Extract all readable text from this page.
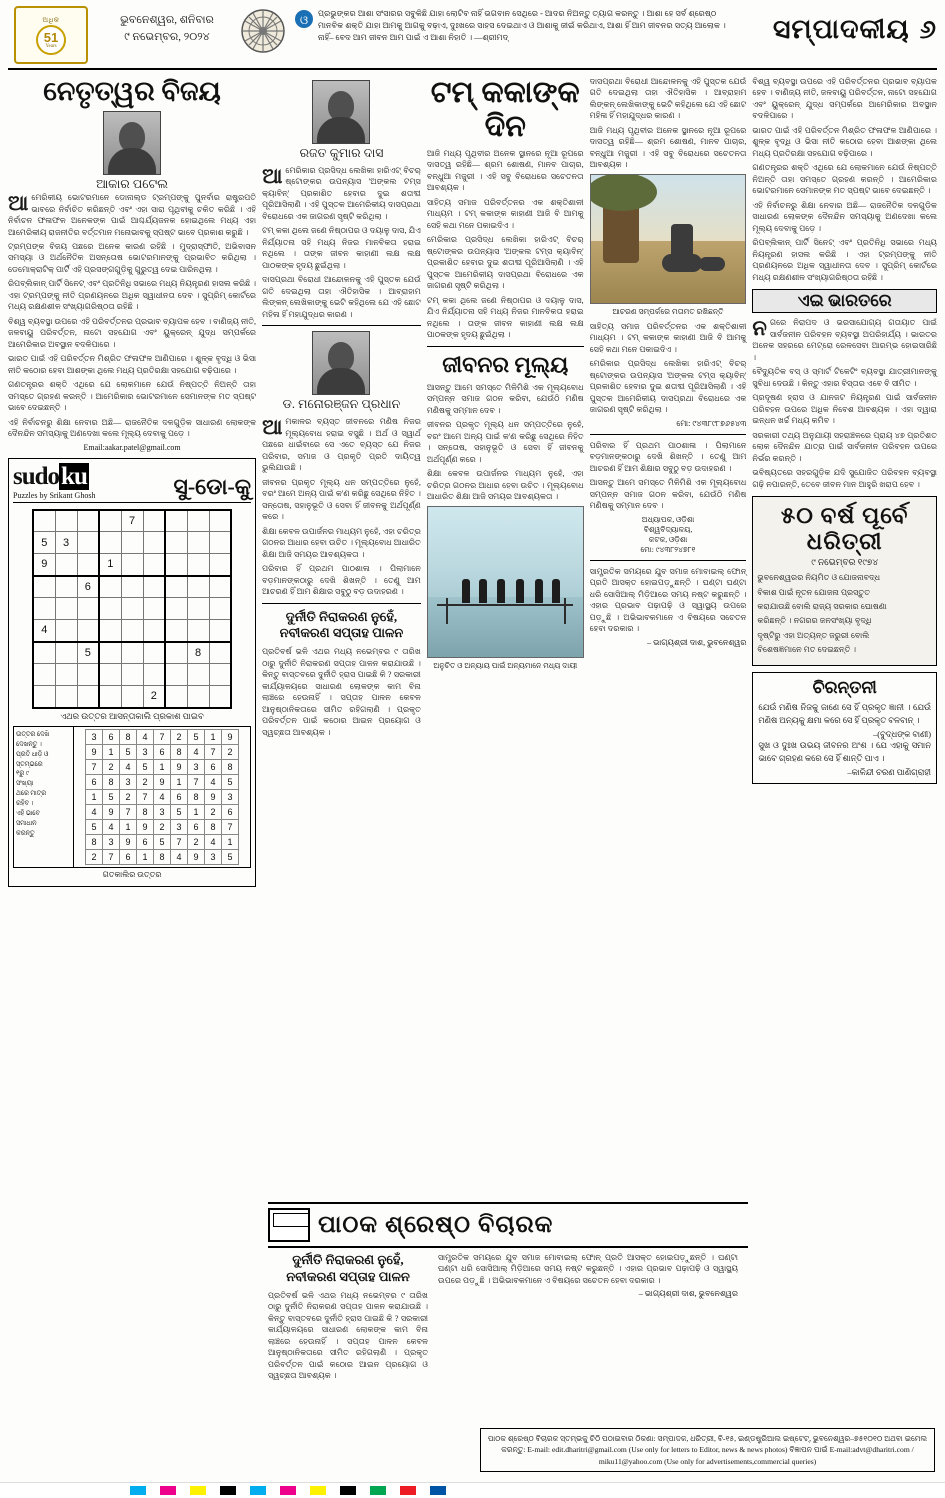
ଅଧିକ
51
Years
ଭୁବନେଶ୍ୱର, ଶନିବାର
୯ ନଭେମ୍ବର, ୨୦୨୪
ଓ ପ୍ରଭୁଙ୍କର ଆଶା ସଂସାରର ସବୁକିଛି ଯାହା ଲୋଟିବ ନାହିଁ ଭଗବାନ ସେଥିରେ - ଆଦର ନିଅନ୍ତୁ ତ୍ୟାଗ କରନ୍ତୁ । ଆଶା ହେ ସର୍ବ ଶ୍ରେଷ୍ଠ ମାନବିକ ଶକ୍ତି ଯାହା ଆମକୁ ଆଗକୁ ବଢ଼ାଏ, ଦୁଃଖରେ ସାହସ ଦେଇଥାଏ ଓ ଆଶାକୁ ଜୀଇଁ କରିଥାଏ, ଆଶା ହିଁ ଆମ ଜୀବନର ସତ୍ୟ ଆଲୋକ । ନାହିଁ– ବେଦ ଆମ ଜୀବନ ଆମ ପାଇଁ ଏ ଆଶା ନିହାତି । —ଶ୍ରୀମଦ୍	ସମ୍ପାଦକୀୟ ୬
ନେତୃତ୍ୱର ବିଜୟ
ଆକାର ପଟେଲ

ଆମେରିକୀୟ ଭୋଟରମାନେ ଡୋନାଲ୍ଡ ଟ୍ରମ୍ପଙ୍କୁ ପୁନର୍ବାର ରାଷ୍ଟ୍ରପତି ଭାବରେ ନିର୍ବାଚିତ କରିଛନ୍ତି ଏବଂ ଏହା ସାରା ପୃଥିବୀକୁ ଚକିତ କରିଛି । ଏହି ନିର୍ବାଚନ ଫଳାଫଳ ଅନେକଙ୍କ ପାଇଁ ଆଶ୍ଚର୍ଯ୍ୟଜନକ ହୋଇଥିଲେ ମଧ୍ୟ ଏହା ଆମେରିକୀୟ ରାଜନୀତିର ବର୍ତ୍ତମାନ ମନୋଭାବକୁ ସ୍ପଷ୍ଟ ଭାବେ ପ୍ରକାଶ କରୁଛି ।

ଟ୍ରମ୍ପଙ୍କ ବିଜୟ ପଛରେ ଅନେକ କାରଣ ରହିଛି । ମୁଦ୍ରାସ୍ଫୀତି, ଅଭିବାସନ ସମସ୍ୟା ଓ ଅର୍ଥନୈତିକ ଅସନ୍ତୋଷ ଭୋଟରମାନଙ୍କୁ ପ୍ରଭାବିତ କରିଥିଲା । ଡେମୋକ୍ରାଟିକ୍ ପାର୍ଟି ଏହି ପ୍ରସଙ୍ଗଗୁଡ଼ିକୁ ଗୁରୁତ୍ୱ ଦେଇ ପାରିନଥିଲା ।

ରିପବ୍ଲିକାନ୍ ପାର୍ଟି ସିନେଟ୍ ଏବଂ ପ୍ରତିନିଧି ସଭାରେ ମଧ୍ୟ ନିୟନ୍ତ୍ରଣ ହାସଲ କରିଛି । ଏହା ଟ୍ରମ୍ପଙ୍କୁ ନୀତି ପ୍ରଣୟନରେ ଅଧିକ ସ୍ୱାଧୀନତା ଦେବ । ସୁପ୍ରିମ୍ କୋର୍ଟରେ ମଧ୍ୟ ରକ୍ଷଣଶୀଳ ସଂଖ୍ୟାଗରିଷ୍ଠତା ରହିଛି ।

ବିଶ୍ୱ ବ୍ୟବସ୍ଥା ଉପରେ ଏହି ପରିବର୍ତ୍ତନର ପ୍ରଭାବ ବ୍ୟାପକ ହେବ । ବାଣିଜ୍ୟ ନୀତି, ଜଳବାୟୁ ପରିବର୍ତ୍ତନ, ନାଟୋ ସହଯୋଗ ଏବଂ ୟୁକ୍ରେନ୍ ଯୁଦ୍ଧ ସମ୍ପର୍କରେ ଆମେରିକାର ଅବସ୍ଥାନ ବଦଳିପାରେ ।

ଭାରତ ପାଇଁ ଏହି ପରିବର୍ତ୍ତନ ମିଶ୍ରିତ ଫଳାଫଳ ଆଣିପାରେ । ଶୁଳ୍କ ବୃଦ୍ଧି ଓ ଭିସା ନୀତି କଠୋର ହେବା ଆଶଙ୍କା ଥିଲେ ମଧ୍ୟ ପ୍ରତିରକ୍ଷା ସହଯୋଗ ବଢ଼ିପାରେ ।

ଗଣତନ୍ତ୍ରର ଶକ୍ତି ଏଥିରେ ଯେ ଲୋକମାନେ ଯେଉଁ ନିଷ୍ପତ୍ତି ନିଅନ୍ତି ତାହା ସମସ୍ତେ ଗ୍ରହଣ କରନ୍ତି । ଆମେରିକାର ଭୋଟରମାନେ ସେମାନଙ୍କ ମତ ସ୍ପଷ୍ଟ ଭାବେ ଦେଇଛନ୍ତି ।

ଏହି ନିର୍ବାଚନରୁ ଶିକ୍ଷା ନେବାର ଅଛି— ରାଜନୈତିକ ଦଳଗୁଡ଼ିକ ସାଧାରଣ ଲୋକଙ୍କ ଦୈନନ୍ଦିନ ସମସ୍ୟାକୁ ଅଣଦେଖା କଲେ ମୂଲ୍ୟ ଦେବାକୁ ପଡ଼େ ।

Email:aakar.patel@gmail.com
sudoku
Puzzles by Srikant Ghosh	ସୁ-ଡୋ-କୁ
				7				
5	3							
9			1					
		6						

4								
		5					8	

					2			
ଏଥର ଉତ୍ତର ଆସନ୍ତାକାଲି ପ୍ରକାଶ ପାଇବ
ଉତ୍ତର ଦେଖି
ଦେଖନ୍ତୁ ।
ପ୍ରତି ଧାଡ଼ି ଓ
ସ୍ତମ୍ଭରେ
୧ରୁ ୯
ସଂଖ୍ୟା
ଥରେ ମାତ୍ର
ରହିବ ।
ଏହି ଭାବେ
ସମାଧାନ
କରନ୍ତୁ
3	6	8	4	7	2	5	1	9
9	1	5	3	6	8	4	7	2
7	2	4	5	1	9	3	6	8
6	8	3	2	9	1	7	4	5
1	5	2	7	4	6	8	9	3
4	9	7	8	3	5	1	2	6
5	4	1	9	2	3	6	8	7
8	3	9	6	5	7	2	4	1
2	7	6	1	8	4	9	3	5
ଗତକାଲିର ଉତ୍ତର
ରଜତ କୁମାର ଦାସ

ଆମେରିକାର ପ୍ରସିଦ୍ଧ ଲେଖିକା ହାରିଏଟ୍ ବିଚର୍ ଷ୍ଟୋଙ୍କର ଉପନ୍ୟାସ 'ଅଙ୍କଲ ଟମ୍ସ କ୍ୟାବିନ୍' ପ୍ରକାଶିତ ହେବାର ଦୁଇ ଶତାବ୍ଦୀ ପୂରିଆସିଲାଣି । ଏହି ପୁସ୍ତକ ଆମେରିକୀୟ ଦାସପ୍ରଥା ବିରୋଧରେ ଏକ ଜାଗରଣ ସୃଷ୍ଟି କରିଥିଲା ।

ଟମ୍ କକା ଥିଲେ ଜଣେ ନିଷ୍ଠାପର ଓ ଦୟାଳୁ ଦାସ, ଯିଏ ନିର୍ଯ୍ୟାତନା ସହି ମଧ୍ୟ ନିଜର ମାନବିକତା ହରାଇ ନଥିଲେ । ତାଙ୍କ ଜୀବନ କାହାଣୀ ଲକ୍ଷ ଲକ୍ଷ ପାଠକଙ୍କ ହୃଦୟ ଛୁଇଁଥିଲା ।

ଦାସପ୍ରଥା ବିରୋଧୀ ଆନ୍ଦୋଳନକୁ ଏହି ପୁସ୍ତକ ଯେଉଁ ଗତି ଦେଇଥିଲା ତାହା ଐତିହାସିକ । ଆବ୍ରାହାମ ଲିଙ୍କନ୍ ଲେଖିକାଙ୍କୁ ଭେଟି କହିଥିଲେ ଯେ ଏହି ଛୋଟ ମହିଳା ହିଁ ମହାଯୁଦ୍ଧର କାରଣ ।

ଡ. ମନୋରଞ୍ଜନ ପ୍ରଧାନ

ଆମକାଳର ବ୍ୟସ୍ତ ଜୀବନରେ ମଣିଷ ନିଜର ମୂଲ୍ୟବୋଧ ହରାଇ ବସୁଛି । ଅର୍ଥ ଓ ସ୍ୱାର୍ଥ ପଛରେ ଧାଇଁବାରେ ସେ ଏତେ ବ୍ୟସ୍ତ ଯେ ନିଜର ପରିବାର, ସମାଜ ଓ ପ୍ରକୃତି ପ୍ରତି ଦାୟିତ୍ୱ ଭୁଲିଯାଉଛି ।

ଜୀବନର ପ୍ରକୃତ ମୂଲ୍ୟ ଧନ ସମ୍ପତ୍ତିରେ ନୁହେଁ, ବରଂ ଆମେ ଅନ୍ୟ ପାଇଁ କ'ଣ କରିଛୁ ସେଥିରେ ନିହିତ । ସନ୍ତୋଷ, ସହାନୁଭୂତି ଓ ସେବା ହିଁ ଜୀବନକୁ ଅର୍ଥପୂର୍ଣ୍ଣ କରେ ।

ଶିକ୍ଷା କେବଳ ଉପାର୍ଜନର ମାଧ୍ୟମ ନୁହେଁ, ଏହା ଚରିତ୍ର ଗଠନର ଆଧାର ହେବା ଉଚିତ । ମୂଲ୍ୟବୋଧ ଆଧାରିତ ଶିକ୍ଷା ଆଜି ସମୟର ଆବଶ୍ୟକତା ।

ପରିବାର ହିଁ ପ୍ରଥମ ପାଠଶାଳା । ପିଲାମାନେ ବଡ଼ମାନଙ୍କଠାରୁ ଦେଖି ଶିଖନ୍ତି । ତେଣୁ ଆମ ଆଚରଣ ହିଁ ଆମ ଶିକ୍ଷାର ସବୁଠୁ ବଡ଼ ଉଦାହରଣ ।

ଦୁର୍ନୀତି ନିରାକରଣ ନୁହେଁ, ନବୀକରଣ ସପ୍ତାହ ପାଳନ

ପ୍ରତିବର୍ଷ ଭଳି ଏଥର ମଧ୍ୟ ନଭେମ୍ବର ୯ ତାରିଖ ଠାରୁ ଦୁର୍ନୀତି ନିରାକରଣ ସପ୍ତାହ ପାଳନ କରାଯାଉଛି । କିନ୍ତୁ ବାସ୍ତବରେ ଦୁର୍ନୀତି ହ୍ରାସ ପାଇଛି କି ? ସରକାରୀ କାର୍ଯ୍ୟାଳୟରେ ସାଧାରଣ ଲୋକଙ୍କ କାମ ବିନା ଲାଞ୍ଚରେ ହେଉନାହିଁ । ସପ୍ତାହ ପାଳନ କେବଳ ଆନୁଷ୍ଠାନିକତାରେ ସୀମିତ ରହିଗଲାଣି । ପ୍ରକୃତ ପରିବର୍ତ୍ତନ ପାଇଁ କଠୋର ଆଇନ ପ୍ରୟୋଗ ଓ ସ୍ୱଚ୍ଛତା ଆବଶ୍ୟକ ।

ଟମ୍ କକାଙ୍କ ଦିନ

ଆଜି ମଧ୍ୟ ପୃଥିବୀର ଅନେକ ସ୍ଥାନରେ ନୂଆ ରୂପରେ ଦାସତ୍ୱ ରହିଛି— ଶ୍ରମ ଶୋଷଣ, ମାନବ ପାଚାର, ବନ୍ଧୁଆ ମଜୁରୀ । ଏହି ସବୁ ବିରୋଧରେ ସଚେତନତା ଆବଶ୍ୟକ ।

ସାହିତ୍ୟ ସମାଜ ପରିବର୍ତ୍ତନର ଏକ ଶକ୍ତିଶାଳୀ ମାଧ୍ୟମ । ଟମ୍ କକାଙ୍କ କାହାଣୀ ଆଜି ବି ଆମକୁ ସେହି କଥା ମନେ ପକାଇଦିଏ ।

ମେରିକାର ପ୍ରସିଦ୍ଧ ଲେଖିକା ହାରିଏଟ୍ ବିଚର୍ ଷ୍ଟୋଙ୍କର ଉପନ୍ୟାସ 'ଅଙ୍କଲ ଟମ୍ସ କ୍ୟାବିନ୍' ପ୍ରକାଶିତ ହେବାର ଦୁଇ ଶତାବ୍ଦୀ ପୂରିଆସିଲାଣି । ଏହି ପୁସ୍ତକ ଆମେରିକୀୟ ଦାସପ୍ରଥା ବିରୋଧରେ ଏକ ଜାଗରଣ ସୃଷ୍ଟି କରିଥିଲା ।

ଟମ୍ କକା ଥିଲେ ଜଣେ ନିଷ୍ଠାପର ଓ ଦୟାଳୁ ଦାସ, ଯିଏ ନିର୍ଯ୍ୟାତନା ସହି ମଧ୍ୟ ନିଜର ମାନବିକତା ହରାଇ ନଥିଲେ । ତାଙ୍କ ଜୀବନ କାହାଣୀ ଲକ୍ଷ ଲକ୍ଷ ପାଠକଙ୍କ ହୃଦୟ ଛୁଇଁଥିଲା ।

ଜୀବନର ମୂଲ୍ୟ

ଆସନ୍ତୁ ଆମେ ସମସ୍ତେ ମିଳିମିଶି ଏକ ମୂଲ୍ୟବୋଧ ସମ୍ପନ୍ନ ସମାଜ ଗଠନ କରିବା, ଯେଉଁଠି ମଣିଷ ମଣିଷକୁ ସମ୍ମାନ ଦେବ ।

ଜୀବନର ପ୍ରକୃତ ମୂଲ୍ୟ ଧନ ସମ୍ପତ୍ତିରେ ନୁହେଁ, ବରଂ ଆମେ ଅନ୍ୟ ପାଇଁ କ'ଣ କରିଛୁ ସେଥିରେ ନିହିତ । ସନ୍ତୋଷ, ସହାନୁଭୂତି ଓ ସେବା ହିଁ ଜୀବନକୁ ଅର୍ଥପୂର୍ଣ୍ଣ କରେ ।

ଶିକ୍ଷା କେବଳ ଉପାର୍ଜନର ମାଧ୍ୟମ ନୁହେଁ, ଏହା ଚରିତ୍ର ଗଠନର ଆଧାର ହେବା ଉଚିତ । ମୂଲ୍ୟବୋଧ ଆଧାରିତ ଶିକ୍ଷା ଆଜି ସମୟର ଆବଶ୍ୟକତା ।

ଅନୁଚିତ ଓ ଅନ୍ୟାୟ ପାଇଁ ଅନ୍ୟମାନେ ମଧ୍ୟ ଦାୟୀ

ଦାସପ୍ରଥା ବିରୋଧୀ ଆନ୍ଦୋଳନକୁ ଏହି ପୁସ୍ତକ ଯେଉଁ ଗତି ଦେଇଥିଲା ତାହା ଐତିହାସିକ । ଆବ୍ରାହାମ ଲିଙ୍କନ୍ ଲେଖିକାଙ୍କୁ ଭେଟି କହିଥିଲେ ଯେ ଏହି ଛୋଟ ମହିଳା ହିଁ ମହାଯୁଦ୍ଧର କାରଣ ।

ଆଜି ମଧ୍ୟ ପୃଥିବୀର ଅନେକ ସ୍ଥାନରେ ନୂଆ ରୂପରେ ଦାସତ୍ୱ ରହିଛି— ଶ୍ରମ ଶୋଷଣ, ମାନବ ପାଚାର, ବନ୍ଧୁଆ ମଜୁରୀ । ଏହି ସବୁ ବିରୋଧରେ ସଚେତନତା ଆବଶ୍ୟକ ।

ଆଚରଣ ସମ୍ପର୍କରେ ମତାମତ ରଖିଛନ୍ତି

ସାହିତ୍ୟ ସମାଜ ପରିବର୍ତ୍ତନର ଏକ ଶକ୍ତିଶାଳୀ ମାଧ୍ୟମ । ଟମ୍ କକାଙ୍କ କାହାଣୀ ଆଜି ବି ଆମକୁ ସେହି କଥା ମନେ ପକାଇଦିଏ ।

ମେରିକାର ପ୍ରସିଦ୍ଧ ଲେଖିକା ହାରିଏଟ୍ ବିଚର୍ ଷ୍ଟୋଙ୍କର ଉପନ୍ୟାସ 'ଅଙ୍କଲ ଟମ୍ସ କ୍ୟାବିନ୍' ପ୍ରକାଶିତ ହେବାର ଦୁଇ ଶତାବ୍ଦୀ ପୂରିଆସିଲାଣି । ଏହି ପୁସ୍ତକ ଆମେରିକୀୟ ଦାସପ୍ରଥା ବିରୋଧରେ ଏକ ଜାଗରଣ ସୃଷ୍ଟି କରିଥିଲା ।

ମୋ: ୯୪୩୮୯୮୭୬୫୪୩

ପରିବାର ହିଁ ପ୍ରଥମ ପାଠଶାଳା । ପିଲାମାନେ ବଡ଼ମାନଙ୍କଠାରୁ ଦେଖି ଶିଖନ୍ତି । ତେଣୁ ଆମ ଆଚରଣ ହିଁ ଆମ ଶିକ୍ଷାର ସବୁଠୁ ବଡ଼ ଉଦାହରଣ ।

ଆସନ୍ତୁ ଆମେ ସମସ୍ତେ ମିଳିମିଶି ଏକ ମୂଲ୍ୟବୋଧ ସମ୍ପନ୍ନ ସମାଜ ଗଠନ କରିବା, ଯେଉଁଠି ମଣିଷ ମଣିଷକୁ ସମ୍ମାନ ଦେବ ।

ଅଧ୍ୟାପକ, ଓଡ଼ିଶା
ବିଶ୍ୱବିଦ୍ୟାଳୟ,
କଟକ, ଓଡ଼ିଶା
ମୋ: ୯୪୩୮୨୪୭୮୧

ସାମ୍ପ୍ରତିକ ସମୟରେ ଯୁବ ସମାଜ ମୋବାଇଲ୍ ଫୋନ୍ ପ୍ରତି ଆସକ୍ତ ହୋଇପଡ଼ୁଛନ୍ତି । ଘଣ୍ଟା ଘଣ୍ଟା ଧରି ସୋସିଆଲ୍ ମିଡ଼ିଆରେ ସମୟ ନଷ୍ଟ କରୁଛନ୍ତି । ଏହାର ପ୍ରଭାବ ପଢ଼ାପଢ଼ି ଓ ସ୍ୱାସ୍ଥ୍ୟ ଉପରେ ପଡ଼ୁଛି । ଅଭିଭାବକମାନେ ଏ ବିଷୟରେ ସଚେତନ ହେବା ଦରକାର ।

– ଭାଗ୍ୟଶ୍ରୀ ଦାଶ, ଭୁବନେଶ୍ୱର

ବିଶ୍ୱ ବ୍ୟବସ୍ଥା ଉପରେ ଏହି ପରିବର୍ତ୍ତନର ପ୍ରଭାବ ବ୍ୟାପକ ହେବ । ବାଣିଜ୍ୟ ନୀତି, ଜଳବାୟୁ ପରିବର୍ତ୍ତନ, ନାଟୋ ସହଯୋଗ ଏବଂ ୟୁକ୍ରେନ୍ ଯୁଦ୍ଧ ସମ୍ପର୍କରେ ଆମେରିକାର ଅବସ୍ଥାନ ବଦଳିପାରେ ।

ଭାରତ ପାଇଁ ଏହି ପରିବର୍ତ୍ତନ ମିଶ୍ରିତ ଫଳାଫଳ ଆଣିପାରେ । ଶୁଳ୍କ ବୃଦ୍ଧି ଓ ଭିସା ନୀତି କଠୋର ହେବା ଆଶଙ୍କା ଥିଲେ ମଧ୍ୟ ପ୍ରତିରକ୍ଷା ସହଯୋଗ ବଢ଼ିପାରେ ।

ଗଣତନ୍ତ୍ରର ଶକ୍ତି ଏଥିରେ ଯେ ଲୋକମାନେ ଯେଉଁ ନିଷ୍ପତ୍ତି ନିଅନ୍ତି ତାହା ସମସ୍ତେ ଗ୍ରହଣ କରନ୍ତି । ଆମେରିକାର ଭୋଟରମାନେ ସେମାନଙ୍କ ମତ ସ୍ପଷ୍ଟ ଭାବେ ଦେଇଛନ୍ତି ।

ଏହି ନିର୍ବାଚନରୁ ଶିକ୍ଷା ନେବାର ଅଛି— ରାଜନୈତିକ ଦଳଗୁଡ଼ିକ ସାଧାରଣ ଲୋକଙ୍କ ଦୈନନ୍ଦିନ ସମସ୍ୟାକୁ ଅଣଦେଖା କଲେ ମୂଲ୍ୟ ଦେବାକୁ ପଡ଼େ ।

ରିପବ୍ଲିକାନ୍ ପାର୍ଟି ସିନେଟ୍ ଏବଂ ପ୍ରତିନିଧି ସଭାରେ ମଧ୍ୟ ନିୟନ୍ତ୍ରଣ ହାସଲ କରିଛି । ଏହା ଟ୍ରମ୍ପଙ୍କୁ ନୀତି ପ୍ରଣୟନରେ ଅଧିକ ସ୍ୱାଧୀନତା ଦେବ । ସୁପ୍ରିମ୍ କୋର୍ଟରେ ମଧ୍ୟ ରକ୍ଷଣଶୀଳ ସଂଖ୍ୟାଗରିଷ୍ଠତା ରହିଛି ।

ଏଇ ଭାରତରେ

ନଗରେ ନିରାପଦ ଓ ଭରସାଯୋଗ୍ୟ ଗତାୟାତ ପାଇଁ ସାର୍ବଜନୀନ ପରିବହନ ବ୍ୟବସ୍ଥା ଅପରିହାର୍ଯ୍ୟ । ଭାରତର ଅନେକ ସହରରେ ମେଟ୍ରୋ ରେଳସେବା ଆରମ୍ଭ ହୋଇସାରିଛି ।

ବୈଦ୍ୟୁତିକ ବସ୍ ଓ ସ୍ମାର୍ଟ ଟିକେଟିଂ ବ୍ୟବସ୍ଥା ଯାତ୍ରୀମାନଙ୍କୁ ସୁବିଧା ଦେଉଛି । କିନ୍ତୁ ଏହାର ବିସ୍ତାର ଏବେ ବି ସୀମିତ ।

ପ୍ରଦୂଷଣ ହ୍ରାସ ଓ ଯାନଜଟ ନିୟନ୍ତ୍ରଣ ପାଇଁ ସାର୍ବଜନୀନ ପରିବହନ ଉପରେ ଅଧିକ ନିବେଶ ଆବଶ୍ୟକ । ଏହା ଦ୍ୱାରା ଇନ୍ଧନ ଖର୍ଚ୍ଚ ମଧ୍ୟ କମିବ ।

ସରକାରୀ ତଥ୍ୟ ଅନୁଯାୟୀ ସହରାଞ୍ଚଳରେ ପ୍ରାୟ ୪୭ ପ୍ରତିଶତ ଲୋକ ଦୈନନ୍ଦିନ ଯାତ୍ରା ପାଇଁ ସାର୍ବଜନୀନ ପରିବହନ ଉପରେ ନିର୍ଭର କରନ୍ତି ।

ଭବିଷ୍ୟତରେ ସହରଗୁଡ଼ିକ ଯଦି ସୁଯୋଜିତ ପରିବହନ ବ୍ୟବସ୍ଥା ଗଢ଼ି ନପାରନ୍ତି, ତେବେ ଜୀବନ ମାନ ଆହୁରି ଖରାପ ହେବ ।

୫୦ ବର୍ଷ ପୂର୍ବେ ଧରିତ୍ରୀ
୯ ନଭେମ୍ବର ୧୯୭୪

ଭୁବନେଶ୍ୱରର ନିୟମିତ ଓ ଯୋଜନାବଦ୍ଧ

ବିକାଶ ପାଇଁ ନୂତନ ଯୋଜନା ପ୍ରସ୍ତୁତ

କରାଯାଉଛି ବୋଲି ରାଜ୍ୟ ସରକାର ଘୋଷଣା

କରିଛନ୍ତି । ନଗରର ଜନସଂଖ୍ୟା ବୃଦ୍ଧି

ଦୃଷ୍ଟିରୁ ଏହା ଅତ୍ୟନ୍ତ ଜରୁରୀ ବୋଲି

ବିଶେଷଜ୍ଞମାନେ ମତ ଦେଇଛନ୍ତି ।

ଚିରନ୍ତନୀ

ଯେଉଁ ମଣିଷ ନିଜକୁ ଜାଣେ ସେ ହିଁ ପ୍ରକୃତ ଜ୍ଞାନୀ । ଯେଉଁ ମଣିଷ ଅନ୍ୟକୁ କ୍ଷମା କରେ ସେ ହିଁ ପ୍ରକୃତ ବଳବାନ୍ ।

–(ବୁଦ୍ଧଙ୍କ ବାଣୀ)

ସୁଖ ଓ ଦୁଃଖ ଉଭୟ ଜୀବନର ଅଂଶ । ଯେ ଏହାକୁ ସମାନ ଭାବେ ଗ୍ରହଣ କରେ ସେ ହିଁ ଶାନ୍ତି ପାଏ ।

–କାଳିନ୍ଦୀ ଚରଣ ପାଣିଗ୍ରାହୀ
ପାଠକ ଶ୍ରେଷ୍ଠ ବିଚାରକ
ଦୁର୍ନୀତି ନିରାକରଣ ନୁହେଁ, ନବୀକରଣ ସପ୍ତାହ ପାଳନ

ପ୍ରତିବର୍ଷ ଭଳି ଏଥର ମଧ୍ୟ ନଭେମ୍ବର ୯ ତାରିଖ ଠାରୁ ଦୁର୍ନୀତି ନିରାକରଣ ସପ୍ତାହ ପାଳନ କରାଯାଉଛି । କିନ୍ତୁ ବାସ୍ତବରେ ଦୁର୍ନୀତି ହ୍ରାସ ପାଇଛି କି ? ସରକାରୀ କାର୍ଯ୍ୟାଳୟରେ ସାଧାରଣ ଲୋକଙ୍କ କାମ ବିନା ଲାଞ୍ଚରେ ହେଉନାହିଁ । ସପ୍ତାହ ପାଳନ କେବଳ ଆନୁଷ୍ଠାନିକତାରେ ସୀମିତ ରହିଗଲାଣି । ପ୍ରକୃତ ପରିବର୍ତ୍ତନ ପାଇଁ କଠୋର ଆଇନ ପ୍ରୟୋଗ ଓ ସ୍ୱଚ୍ଛତା ଆବଶ୍ୟକ ।

ସାମ୍ପ୍ରତିକ ସମୟରେ ଯୁବ ସମାଜ ମୋବାଇଲ୍ ଫୋନ୍ ପ୍ରତି ଆସକ୍ତ ହୋଇପଡ଼ୁଛନ୍ତି । ଘଣ୍ଟା ଘଣ୍ଟା ଧରି ସୋସିଆଲ୍ ମିଡ଼ିଆରେ ସମୟ ନଷ୍ଟ କରୁଛନ୍ତି । ଏହାର ପ୍ରଭାବ ପଢ଼ାପଢ଼ି ଓ ସ୍ୱାସ୍ଥ୍ୟ ଉପରେ ପଡ଼ୁଛି । ଅଭିଭାବକମାନେ ଏ ବିଷୟରେ ସଚେତନ ହେବା ଦରକାର ।

– ଭାଗ୍ୟଶ୍ରୀ ଦାଶ, ଭୁବନେଶ୍ୱର
ପାଠକ ଶ୍ରେଷ୍ଠ ବିଚାରକ ସ୍ତମ୍ଭକୁ ଚିଠି ପଠାଇବାର ଠିକଣା: ସମ୍ପାଦକ, ଧରିତ୍ରୀ, ବି-୧୫, ଇଣ୍ଡଷ୍ଟ୍ରିଆଲ ଇଷ୍ଟେଟ୍, ଭୁବନେଶ୍ୱର–୭୫୧୦୧୦ ଅଥବା ଇମେଲ କରନ୍ତୁ: E-mail: edit.dharitri@gmail.com (Use only for letters to Editor, news & news photos) ବିଜ୍ଞାପନ ପାଇଁ E-mail:advt@dharitri.com / miku11@yahoo.com (Use only for advertisements,commercial queries)
